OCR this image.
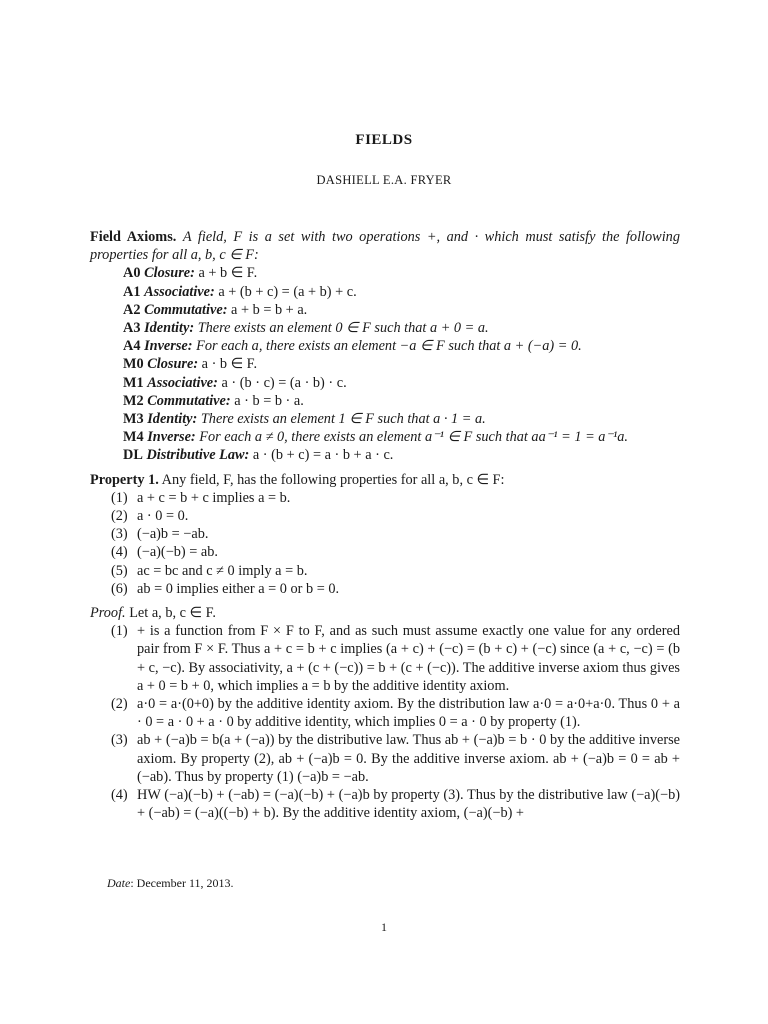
FIELDS
DASHIELL E.A. FRYER

Field Axioms. A field, F is a set with two operations +, and · which must satisfy the following properties for all a, b, c ∈ F:

A0 Closure: a + b ∈ F.
A1 Associative: a + (b + c) = (a + b) + c.
A2 Commutative: a + b = b + a.
A3 Identity: There exists an element 0 ∈ F such that a + 0 = a.
A4 Inverse: For each a, there exists an element −a ∈ F such that a + (−a) = 0.
M0 Closure: a · b ∈ F.
M1 Associative: a · (b · c) = (a · b) · c.
M2 Commutative: a · b = b · a.
M3 Identity: There exists an element 1 ∈ F such that a · 1 = a.
M4 Inverse: For each a ≠ 0, there exists an element a⁻¹ ∈ F such that aa⁻¹ = 1 = a⁻¹a.
DL Distributive Law: a · (b + c) = a · b + a · c.

Property 1. Any field, F, has the following properties for all a, b, c ∈ F:

(1) a + c = b + c implies a = b.
(2) a · 0 = 0.
(3) (−a)b = −ab.
(4) (−a)(−b) = ab.
(5) ac = bc and c ≠ 0 imply a = b.
(6) ab = 0 implies either a = 0 or b = 0.

Proof. Let a, b, c ∈ F.

(1) + is a function from F × F to F, and as such must assume exactly one value for any ordered pair from F × F. Thus a + c = b + c implies (a + c) + (−c) = (b + c) + (−c) since (a + c, −c) = (b + c, −c). By associativity, a + (c + (−c)) = b + (c + (−c)). The additive inverse axiom thus gives a + 0 = b + 0, which implies a = b by the additive identity axiom.
(2) a·0 = a·(0+0) by the additive identity axiom. By the distribution law a·0 = a·0+a·0. Thus 0 + a · 0 = a · 0 + a · 0 by additive identity, which implies 0 = a · 0 by property (1).
(3) ab + (−a)b = b(a + (−a)) by the distributive law. Thus ab + (−a)b = b · 0 by the additive inverse axiom. By property (2), ab + (−a)b = 0. By the additive inverse axiom. ab + (−a)b = 0 = ab + (−ab). Thus by property (1) (−a)b = −ab.
(4) HW (−a)(−b) + (−ab) = (−a)(−b) + (−a)b by property (3). Thus by the distributive law (−a)(−b) + (−ab) = (−a)((−b) + b). By the additive identity axiom, (−a)(−b) +
Date: December 11, 2013.
1
